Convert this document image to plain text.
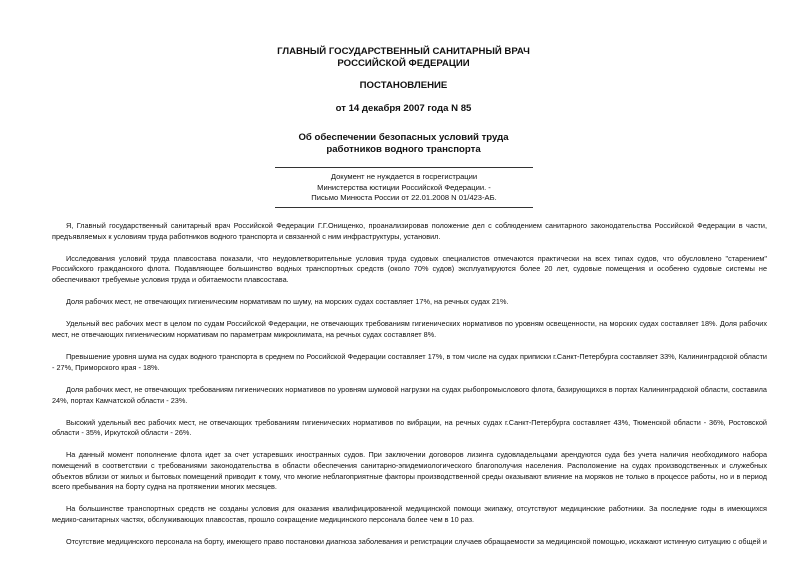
ГЛАВНЫЙ ГОСУДАРСТВЕННЫЙ САНИТАРНЫЙ ВРАЧ
РОССИЙСКОЙ ФЕДЕРАЦИИ
ПОСТАНОВЛЕНИЕ
от 14 декабря 2007 года N 85
Об обеспечении безопасных условий труда
работников водного транспорта
Документ не нуждается в госрегистрации
Министерства юстиции Российской Федерации. -
Письмо Минюста России от 22.01.2008 N 01/423-АБ.

Я, Главный государственный санитарный врач Российской Федерации Г.Г.Онищенко, проанализировав положение дел с соблюдением санитарного законодательства Российской Федерации в части, предъявляемых к условиям труда работников водного транспорта и связанной с ним инфраструктуры, установил.

Исследования условий труда плавсостава показали, что неудовлетворительные условия труда судовых специалистов отмечаются практически на всех типах судов, что обусловлено "старением" Российского гражданского флота. Подавляющее большинство водных транспортных средств (около 70% судов) эксплуатируются более 20 лет, судовые помещения и особенно судовые системы не обеспечивают требуемые условия труда и обитаемости плавсостава.

Доля рабочих мест, не отвечающих гигиеническим нормативам по шуму, на морских судах составляет 17%, на речных судах 21%.

Удельный вес рабочих мест в целом по судам Российской Федерации, не отвечающих требованиям гигиенических нормативов по уровням освещенности, на морских судах составляет 18%. Доля рабочих мест, не отвечающих гигиеническим нормативам по параметрам микроклимата, на речных судах составляет 8%.

Превышение уровня шума на судах водного транспорта в среднем по Российской Федерации составляет 17%, в том числе на судах приписки г.Санкт-Петербурга составляет 33%, Калининградской области - 27%, Приморского края - 18%.

Доля рабочих мест, не отвечающих требованиям гигиенических нормативов по уровням шумовой нагрузки на судах рыбопромыслового флота, базирующихся в портах Калининградской области, составила 24%, портах Камчатской области - 23%.

Высокий удельный вес рабочих мест, не отвечающих требованиям гигиенических нормативов по вибрации, на речных судах г.Санкт-Петербурга составляет 43%, Тюменской области - 36%, Ростовской области - 35%, Иркутской области - 26%.

На данный момент пополнение флота идет за счет устаревших иностранных судов. При заключении договоров лизинга судовладельцами арендуются суда без учета наличия необходимого набора помещений в соответствии с требованиями законодательства в области обеспечения санитарно-эпидемиологического благополучия населения. Расположение на судах производственных и служебных объектов вблизи от жилых и бытовых помещений приводит к тому, что многие неблагоприятные факторы производственной среды оказывают влияние на моряков не только в процессе работы, но и в период всего пребывания на борту судна на протяжении многих месяцев.

На большинстве транспортных средств не созданы условия для оказания квалифицированной медицинской помощи экипажу, отсутствуют медицинские работники. За последние годы в имеющихся медико-санитарных частях, обслуживающих плавсостав, прошло сокращение медицинского персонала более чем в 10 раз.

Отсутствие медицинского персонала на борту, имеющего право постановки диагноза заболевания и регистрации случаев обращаемости за медицинской помощью, искажают истинную ситуацию с общей и
